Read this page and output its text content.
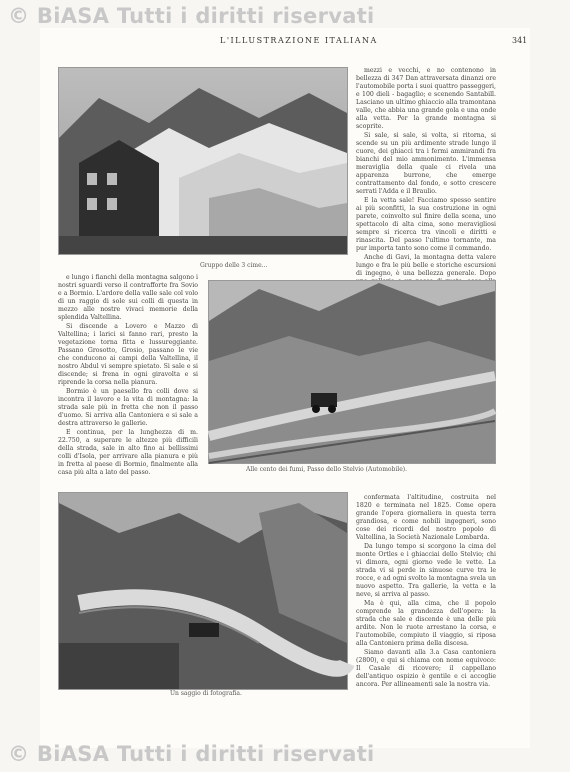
© BiASA Tutti i diritti riservati
L'ILLUSTRAZIONE ITALIANA	341
Gruppo delle 3 cime...

mezzi e vecchi, e no contenono in bellezza di 347 Dan attraversata dinanzi ore l'automobile porta i suoi quattro passeggeri, e 100 dieli - bagaglio; e scenendo Santabill. Lasciano un ultimo ghiaccio alla tramontana valle, che abbia una grande gola e una onde alla vetta. Per la grande montagna si scoprite.

Si sale, si sale, si volta, si ritorna, si scende su un più ardimente strade lungo il cuore, dei ghiacci tra i fermi ammirandi fra bianchi del mio ammonimento. L'immensa meraviglia della quale ci rivela una apparenza burrone, che emerge contrattamento dal fondo, e sotto crescere serrati l'Adda e il Braulio.

E la vetta sale! Facciamo spesso sentire ai più sconfitti, la sua costruzione in ogni parete, coinvolto sul finire della scena, uno spettacolo di alta cima, sono meravigliosi sempre si ricerca tra vincoli e diritti e rinascita. Del passo l'ultimo tornante, ma pur importa tanto sono come il commando.

Anche di Gavi, la montagna detta valere lungo e fra le più belle e storiche escursioni di ingegno, è una bellezza generale. Dopo

e lungo i fianchi della montagna salgono i nostri sguardi verso il contrafforte fra Sovio e a Bormio. L'ardore della valle sale col volo di un raggio di sole sui colli di questa in mezzo alle nostre vivaci memorie della splendida Valtellina.

Si discende a Lovero e Mazzo di Valtellina; i larici si fanno rari, presto la vegetazione torna fitta e lussureggiante. Passano Grosotto, Grosio, passano le vie che conducono ai campi della Valtellina, il nostro Abdul vi sempre spietato. Si sale e si discende; si frena in ogni giravolta e si riprende la corsa nella pianura.

Bormio è un paesello fra colli dove si incontra il lavoro e la vita di montagna: la strada sale più in fretta che non il passo d'uomo. Si arriva alla Cantoniera e si sale a destra attraverso le gallerie.

E continua, per la lunghezza di m. 22.750, a superare le altezze più difficili della strada, sale in alto fino ai bellissimi colli d'Isola, per arrivare alla pianura e più in fretta al paese di Bormio, finalmente alla casa più alta a lato del passo.	Alle cento dei fumi, Passo dello Stelvio (Automobile).
Un saggio di fotografia.

confermata l'altitudine, costruita nel 1820 e terminata nel 1825. Come opera grande l'opera giornaliera in questa terra grandiosa, e come nobili ingegneri, sono cose dei ricordi del nostro popolo di Valtellina, la Società Nazionale Lombarda.

Da lungo tempo si scorgono la cima del monte Ortles e i ghiacciai dello Stelvio; chi vi dimora, ogni giorno vede le vette. La strada vi si perde in sinuose curve tra le rocce, e ad ogni svolto la montagna svela un nuovo aspetto. Tra gallerie, la vetta e la neve, si arriva al passo.

Ma è qui, alla cima, che il popolo comprende la grandezza dell'opera: la strada che sale e discende è una delle più ardite. Non le ruote arrestano la corsa, e l'automobile, compiuto il viaggio, si riposa alla Cantoniera prima della discesa.

Siamo davanti alla 3.a Casa cantoniera (2800), e qui si chiama con nome equivoco: Il Casale di ricovero; il cappellano dell'antiquo ospizio è gentile e ci accoglie ancora. Per allineamenti sale la nostra via.

© BiASA Tutti i diritti riservati
